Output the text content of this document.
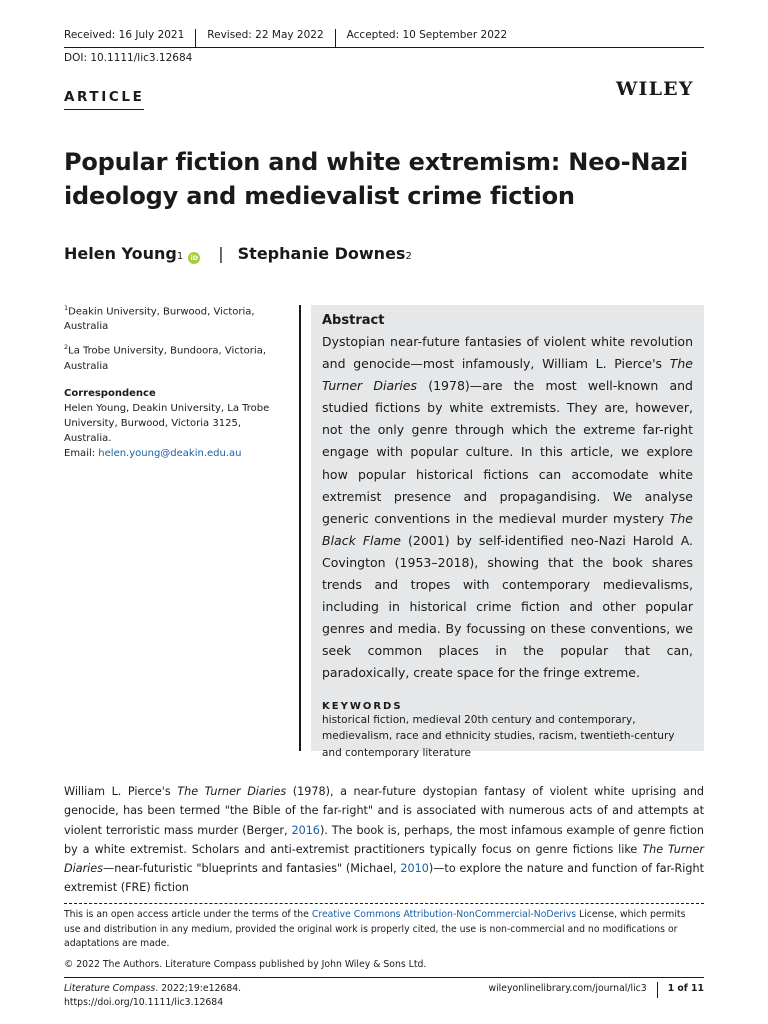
Received: 16 July 2021	Revised: 22 May 2022	Accepted: 10 September 2022
DOI: 10.1111/lic3.12684
ARTICLE	WILEY
Popular fiction and white extremism: Neo-Nazi ideology and medievalist crime fiction
Helen Young 1	iD | Stephanie Downes 2

$^1$Deakin University, Burwood, Victoria, Australia

$^2$La Trobe University, Bundoora, Victoria, Australia

Correspondence
Helen Young, Deakin University, La Trobe University, Burwood, Victoria 3125, Australia.
Email: helen.young@deakin.edu.au
Abstract
Dystopian near-future fantasies of violent white revolution and genocide—most infamously, William L. Pierce's The Turner Diaries (1978)—are the most well-known and studied fictions by white extremists. They are, however, not the only genre through which the extreme far-right engage with popular culture. In this article, we explore how popular historical fictions can accomodate white extremist presence and propagandising. We analyse generic conventions in the medieval murder mystery The Black Flame (2001) by self-identified neo-Nazi Harold A. Covington (1953–2018), showing that the book shares trends and tropes with contemporary medievalisms, including in historical crime fiction and other popular genres and media. By focussing on these conventions, we seek common places in the popular that can, paradoxically, create space for the fringe extreme.
KEYWORDS
historical fiction, medieval 20th century and contemporary, medievalism, race and ethnicity studies, racism, twentieth-century and contemporary literature
William L. Pierce's The Turner Diaries (1978), a near-future dystopian fantasy of violent white uprising and genocide, has been termed "the Bible of the far-right" and is associated with numerous acts of and attempts at violent terroristic mass murder (Berger, 2016). The book is, perhaps, the most infamous example of genre fiction by a white extremist. Scholars and anti-extremist practitioners typically focus on genre fictions like The Turner Diaries—near-futuristic "blueprints and fantasies" (Michael, 2010)—to explore the nature and function of far-Right extremist (FRE) fiction
This is an open access article under the terms of the Creative Commons Attribution-NonCommercial-NoDerivs License, which permits use and distribution in any medium, provided the original work is properly cited, the use is non-commercial and no modifications or adaptations are made.
© 2022 The Authors. Literature Compass published by John Wiley & Sons Ltd.
Literature Compass. 2022;19:e12684.
https://doi.org/10.1111/lic3.12684
wileyonlinelibrary.com/journal/lic3	1 of 11
